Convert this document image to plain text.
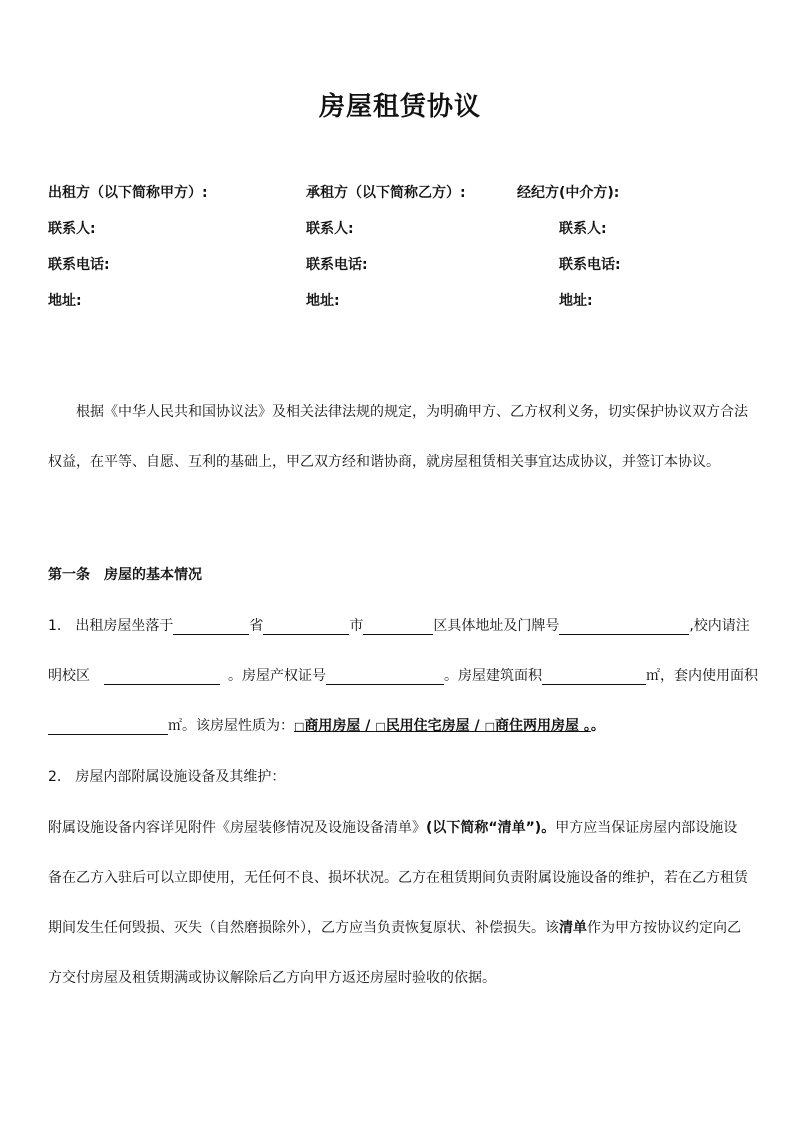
房屋租赁协议
出租方（以下简称甲方）:
联系人:
联系电话:
地址:
承租方（以下简称乙方）:
联系人:
联系电话:
地址:
经纪方(中介方):
联系人:
联系电话:
地址:
根据《中华人民共和国协议法》及相关法律法规的规定，为明确甲方、乙方权利义务，切实保护协议双方合法
权益，在平等、自愿、互利的基础上，甲乙双方经和谐协商，就房屋租赁相关事宜达成协议，并签订本协议。
第一条　房屋的基本情况
1. 出租房屋坐落于	省	市	区具体地址及门牌号	,校内请注
明校区	。房屋产权证号	。房屋建筑面积	㎡，套内使用面积
㎡。该房屋性质为：□商用房屋 / □民用住宅房屋 / □商住两用房屋 。。
2. 房屋内部附属设施设备及其维护：
附属设施设备内容详见附件《房屋装修情况及设施设备清单》(以下简称“清单”)。甲方应当保证房屋内部设施设
备在乙方入驻后可以立即使用，无任何不良、损坏状况。乙方在租赁期间负责附属设施设备的维护，若在乙方租赁
期间发生任何毁损、灭失（自然磨损除外），乙方应当负责恢复原状、补偿损失。该清单作为甲方按协议约定向乙
方交付房屋及租赁期满或协议解除后乙方向甲方返还房屋时验收的依据。
